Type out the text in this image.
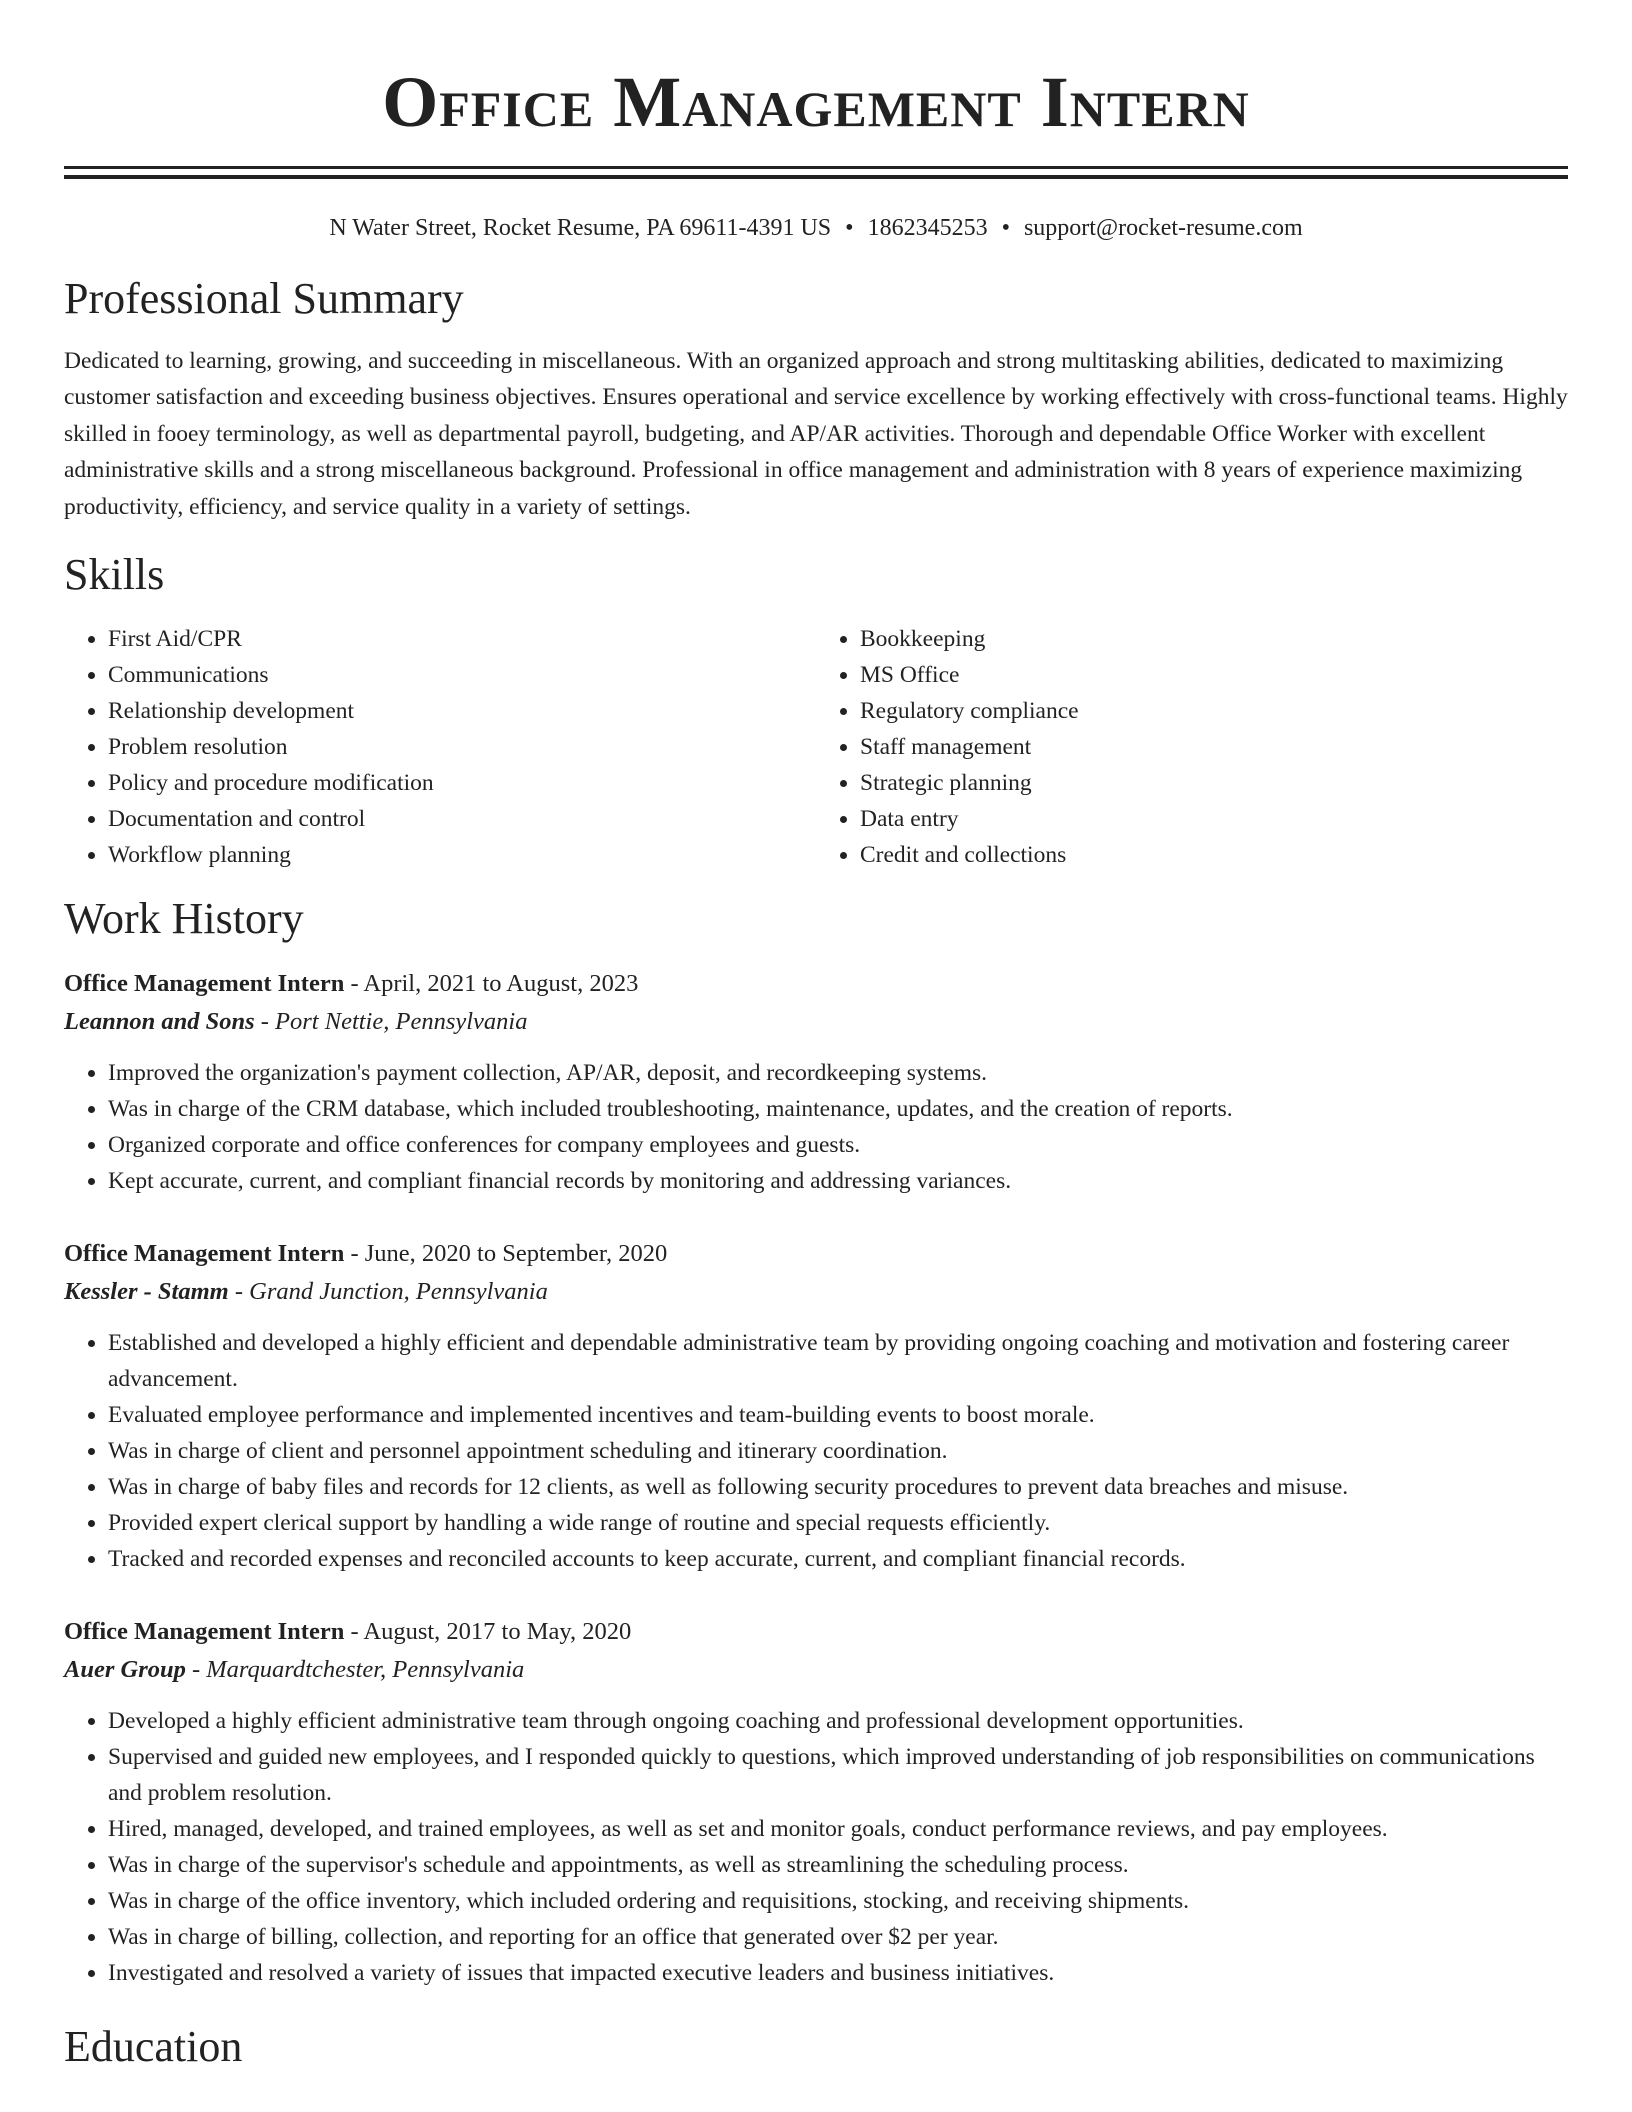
Office Management Intern
N Water Street, Rocket Resume, PA 69611-4391 US • 1862345253 • support@rocket-resume.com
Professional Summary

Dedicated to learning, growing, and succeeding in miscellaneous. With an organized approach and strong multitasking abilities, dedicated to maximizing customer satisfaction and exceeding business objectives. Ensures operational and service excellence by working effectively with cross-functional teams. Highly skilled in fooey terminology, as well as departmental payroll, budgeting, and AP/AR activities. Thorough and dependable Office Worker with excellent administrative skills and a strong miscellaneous background. Professional in office management and administration with 8 years of experience maximizing productivity, efficiency, and service quality in a variety of settings.

Skills
• First Aid/CPR
• Communications
• Relationship development
• Problem resolution
• Policy and procedure modification
• Documentation and control
• Workflow planning
• Bookkeeping
• MS Office
• Regulatory compliance
• Staff management
• Strategic planning
• Data entry
• Credit and collections
Work History
Office Management Intern - April, 2021 to August, 2023
Leannon and Sons - Port Nettie, Pennsylvania
• Improved the organization's payment collection, AP/AR, deposit, and recordkeeping systems.
• Was in charge of the CRM database, which included troubleshooting, maintenance, updates, and the creation of reports.
• Organized corporate and office conferences for company employees and guests.
• Kept accurate, current, and compliant financial records by monitoring and addressing variances.
Office Management Intern - June, 2020 to September, 2020
Kessler - Stamm - Grand Junction, Pennsylvania
• Established and developed a highly efficient and dependable administrative team by providing ongoing coaching and motivation and fostering career advancement.
• Evaluated employee performance and implemented incentives and team-building events to boost morale.
• Was in charge of client and personnel appointment scheduling and itinerary coordination.
• Was in charge of baby files and records for 12 clients, as well as following security procedures to prevent data breaches and misuse.
• Provided expert clerical support by handling a wide range of routine and special requests efficiently.
• Tracked and recorded expenses and reconciled accounts to keep accurate, current, and compliant financial records.
Office Management Intern - August, 2017 to May, 2020
Auer Group - Marquardtchester, Pennsylvania
• Developed a highly efficient administrative team through ongoing coaching and professional development opportunities.
• Supervised and guided new employees, and I responded quickly to questions, which improved understanding of job responsibilities on communications and problem resolution.
• Hired, managed, developed, and trained employees, as well as set and monitor goals, conduct performance reviews, and pay employees.
• Was in charge of the supervisor's schedule and appointments, as well as streamlining the scheduling process.
• Was in charge of the office inventory, which included ordering and requisitions, stocking, and receiving shipments.
• Was in charge of billing, collection, and reporting for an office that generated over $2 per year.
• Investigated and resolved a variety of issues that impacted executive leaders and business initiatives.
Education
